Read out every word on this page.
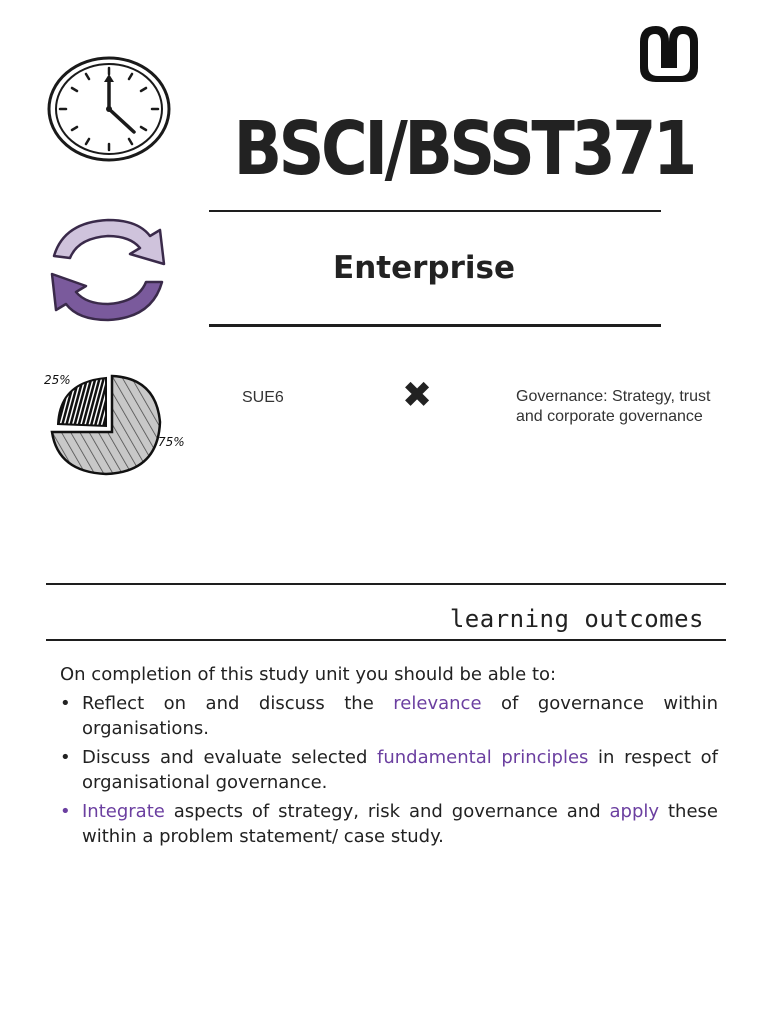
25%
75%
BSCI/BSST371
Enterprise
SUE6	✖	Governance: Strategy, trust and corporate governance
learning outcomes

On completion of this study unit you should be able to:

• Reflect on and discuss the relevance of governance within organisations.
• Discuss and evaluate selected fundamental principles in respect of organisational governance.
• Integrate aspects of strategy, risk and governance and apply these within a problem statement/ case study.
